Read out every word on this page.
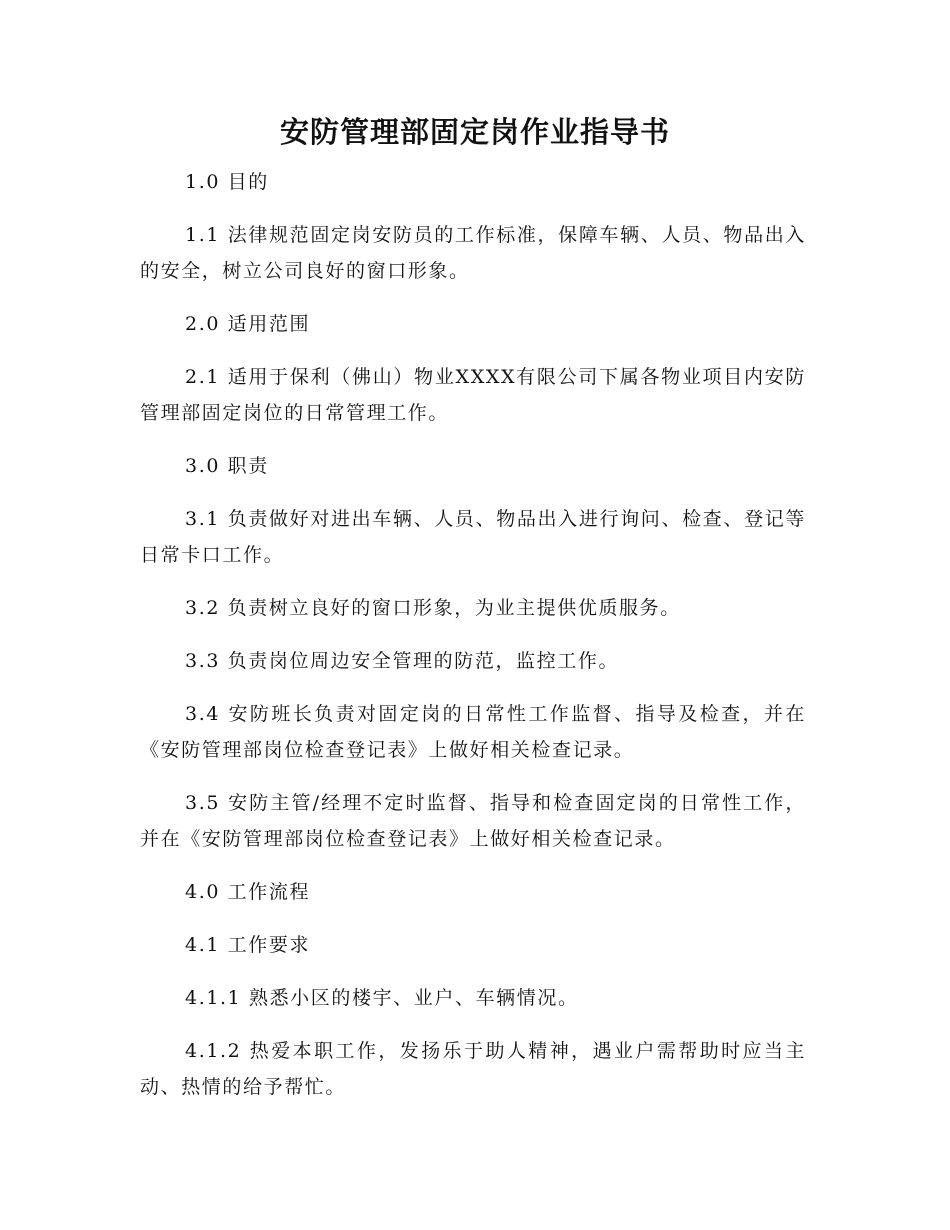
安防管理部固定岗作业指导书

1.0 目的

1.1 法律规范固定岗安防员的工作标准，保障车辆、人员、物品出入的安全，树立公司良好的窗口形象。

2.0 适用范围

2.1 适用于保利（佛山）物业XXXX有限公司下属各物业项目内安防管理部固定岗位的日常管理工作。

3.0 职责

3.1 负责做好对进出车辆、人员、物品出入进行询问、检查、登记等日常卡口工作。

3.2 负责树立良好的窗口形象，为业主提供优质服务。

3.3 负责岗位周边安全管理的防范，监控工作。

3.4 安防班长负责对固定岗的日常性工作监督、指导及检查，并在《安防管理部岗位检查登记表》上做好相关检查记录。

3.5 安防主管/经理不定时监督、指导和检查固定岗的日常性工作，并在《安防管理部岗位检查登记表》上做好相关检查记录。

4.0 工作流程

4.1 工作要求

4.1.1 熟悉小区的楼宇、业户、车辆情况。

4.1.2 热爱本职工作，发扬乐于助人精神，遇业户需帮助时应当主动、热情的给予帮忙。
